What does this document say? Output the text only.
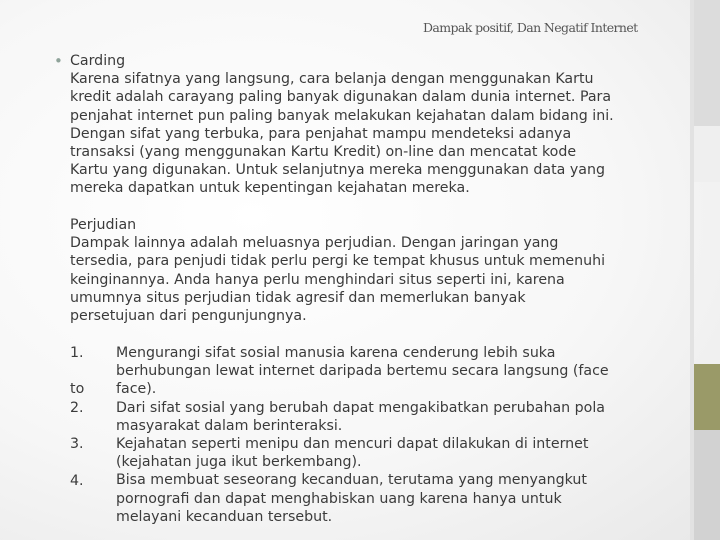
Dampak positif, Dan Negatif Internet
• Carding
Karena sifatnya yang langsung, cara belanja dengan menggunakan Kartu
kredit adalah carayang paling banyak digunakan dalam dunia internet. Para
penjahat internet pun paling banyak melakukan kejahatan dalam bidang ini.
Dengan sifat yang terbuka, para penjahat mampu mendeteksi adanya
transaksi (yang menggunakan Kartu Kredit) on-line dan mencatat kode
Kartu yang digunakan. Untuk selanjutnya mereka menggunakan data yang
mereka dapatkan untuk kepentingan kejahatan mereka.
Perjudian
Dampak lainnya adalah meluasnya perjudian. Dengan jaringan yang
tersedia, para penjudi tidak perlu pergi ke tempat khusus untuk memenuhi
keinginannya. Anda hanya perlu menghindari situs seperti ini, karena
umumnya situs perjudian tidak agresif dan memerlukan banyak
persetujuan dari pengunjungnya.
1.
to
2.
3.
4.
Mengurangi sifat sosial manusia karena cenderung lebih suka
berhubungan lewat internet daripada bertemu secara langsung (face
face).
Dari sifat sosial yang berubah dapat mengakibatkan perubahan pola
masyarakat dalam berinteraksi.
Kejahatan seperti menipu dan mencuri dapat dilakukan di internet
(kejahatan juga ikut berkembang).
Bisa membuat seseorang kecanduan, terutama yang menyangkut
pornografi dan dapat menghabiskan uang karena hanya untuk
melayani kecanduan tersebut.
